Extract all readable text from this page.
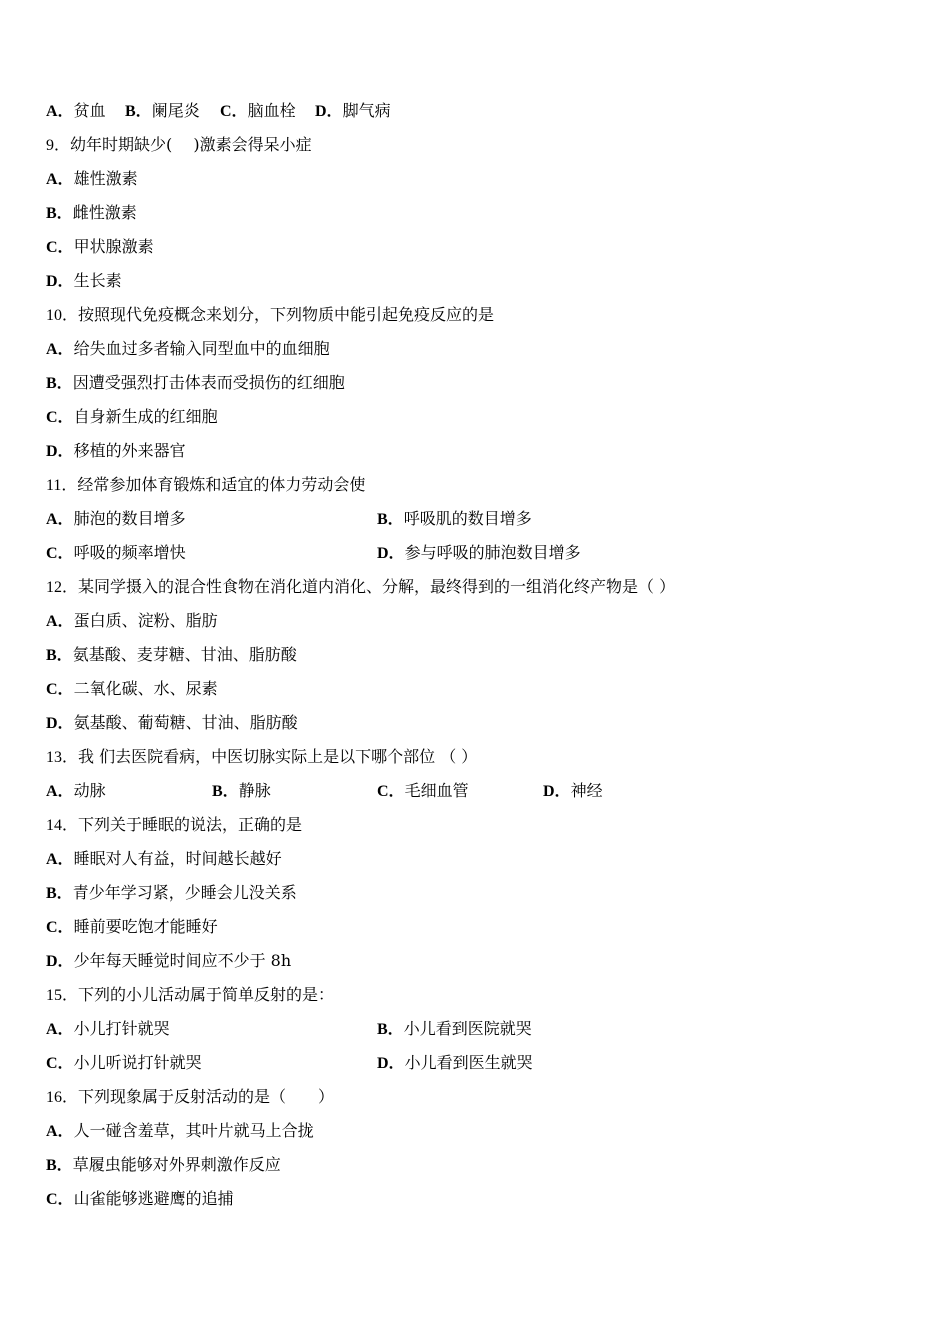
A．贫血 B．阑尾炎 C．脑血栓 D．脚气病
9．幼年时期缺少(　 )激素会得呆小症
A．雄性激素
B．雌性激素
C．甲状腺激素
D．生长素
10．按照现代免疫概念来划分，下列物质中能引起免疫反应的是
A．给失血过多者输入同型血中的血细胞
B．因遭受强烈打击体表而受损伤的红细胞
C．自身新生成的红细胞
D．移植的外来器官
11．经常参加体育锻炼和适宜的体力劳动会使
A．肺泡的数目增多	B．呼吸肌的数目增多
C．呼吸的频率增快	D．参与呼吸的肺泡数目增多
12．某同学摄入的混合性食物在消化道内消化、分解，最终得到的一组消化终产物是（ ）
A．蛋白质、淀粉、脂肪
B．氨基酸、麦芽糖、甘油、脂肪酸
C．二氧化碳、水、尿素
D．氨基酸、葡萄糖、甘油、脂肪酸
13．我 们去医院看病，中医切脉实际上是以下哪个部位 （ ）
A．动脉	B．静脉	C．毛细血管	D．神经
14．下列关于睡眠的说法，正确的是
A．睡眠对人有益，时间越长越好
B．青少年学习紧，少睡会儿没关系
C．睡前要吃饱才能睡好
D．少年每天睡觉时间应不少于 8h
15．下列的小儿活动属于简单反射的是：
A．小儿打针就哭	B．小儿看到医院就哭
C．小儿听说打针就哭	D．小儿看到医生就哭
16．下列现象属于反射活动的是（　　）
A．人一碰含羞草，其叶片就马上合拢
B．草履虫能够对外界刺激作反应
C．山雀能够逃避鹰的追捕
